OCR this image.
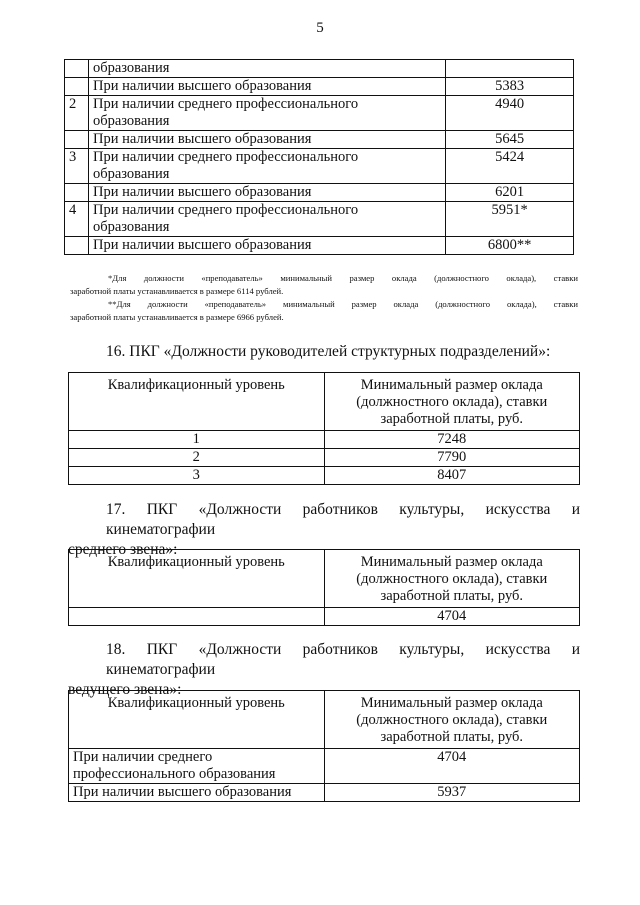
5
	образования	
	При наличии высшего образования	5383
2	При наличии среднего профессионального
образования	4940
	При наличии высшего образования	5645
3	При наличии среднего профессионального
образования	5424
	При наличии высшего образования	6201
4	При наличии среднего профессионального
образования	5951*
	При наличии высшего образования	6800**
*Для должности «преподаватель» минимальный размер оклада (должностного оклада), ставки
заработной платы устанавливается в размере 6114 рублей.
**Для должности «преподаватель» минимальный размер оклада (должностного оклада), ставки
заработной платы устанавливается в размере 6966 рублей.
16. ПКГ «Должности руководителей структурных подразделений»:
Квалификационный уровень	Минимальный размер оклада
(должностного оклада), ставки
заработной платы, руб.

1	7248
2	7790
3	8407
17. ПКГ «Должности работников культуры, искусства и кинематографии
среднего звена»:
Квалификационный уровень	Минимальный размер оклада
(должностного оклада), ставки
заработной платы, руб.

	4704
18. ПКГ «Должности работников культуры, искусства и кинематографии
ведущего звена»:
Квалификационный уровень	Минимальный размер оклада
(должностного оклада), ставки
заработной платы, руб.

При наличии среднего
профессионального образования	4704
При наличии высшего образования	5937
